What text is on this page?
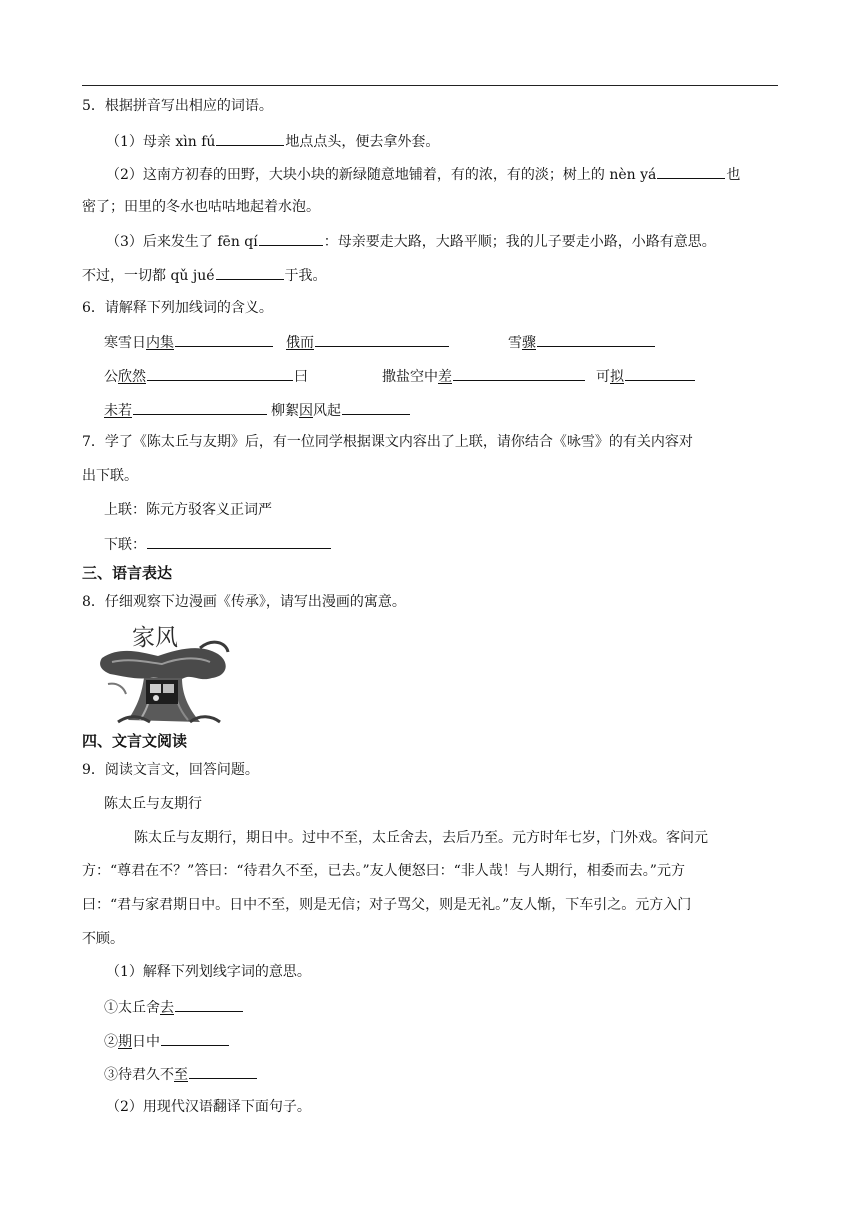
5．根据拼音写出相应的词语。
（1）母亲 xìn fú	地点点头，便去拿外套。
（2）这南方初春的田野，大块小块的新绿随意地铺着，有的浓，有的淡；树上的 nèn yá	也
密了；田里的冬水也咕咕地起着水泡。
（3）后来发生了 fēn qí	：母亲要走大路，大路平顺；我的儿子要走小路，小路有意思。
不过，一切都 qǔ jué	于我。
6．请解释下列加线词的含义。
寒雪日内集	俄而	雪骤
公欣然	曰	撒盐空中差	可拟
未若	柳絮因风起
7．学了《陈太丘与友期》后，有一位同学根据课文内容出了上联，请你结合《咏雪》的有关内容对
出下联。
上联：陈元方驳客义正词严
下联：
三、语言表达
8．仔细观察下边漫画《传承》，请写出漫画的寓意。
家风
四、文言文阅读
9．阅读文言文，回答问题。
陈太丘与友期行
陈太丘与友期行，期日中。过中不至，太丘舍去，去后乃至。元方时年七岁，门外戏。客问元
方：“尊君在不？”答曰：“待君久不至，已去。”友人便怒曰：“非人哉！与人期行，相委而去。”元方
曰：“君与家君期日中。日中不至，则是无信；对子骂父，则是无礼。”友人惭，下车引之。元方入门
不顾。
（1）解释下列划线字词的意思。
①太丘舍去
②期日中
③待君久不至
（2）用现代汉语翻译下面句子。
